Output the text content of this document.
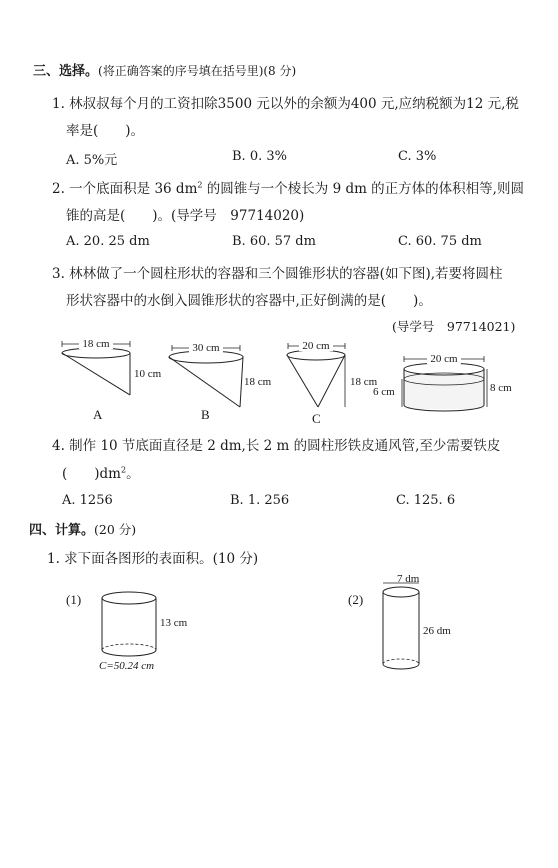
三、选择。(将正确答案的序号填在括号里)(8 分)
1. 林叔叔每个月的工资扣除3500 元以外的余额为400 元,应纳税额为12 元,税
率是(　　)。
A. 5%元	B. 0. 3%	C. 3%
2. 一个底面积是 36 $dm^2$ 的圆锥与一个棱长为 9 dm 的正方体的体积相等,则圆
锥的高是(　　)。(导学号　97714020)
A. 20. 25 dm	B. 60. 57 dm	C. 60. 75 dm
3. 林林做了一个圆柱形状的容器和三个圆锥形状的容器(如下图),若要将圆柱
形状容器中的水倒入圆锥形状的容器中,正好倒满的是(　　)。
(导学号　97714021)
18 cm
10 cm
A
30 cm
18 cm
B
20 cm
18 cm
C
20 cm
6 cm	8 cm
4. 制作 10 节底面直径是 2 dm,长 2 m 的圆柱形铁皮通风管,至少需要铁皮
(　　)$dm^2$。
A. 1256	B. 1. 256	C. 125. 6
四、计算。(20 分)
1. 求下面各图形的表面积。(10 分)
(1)
13 cm
C=50.24 cm
(2)
7 dm
26 dm
